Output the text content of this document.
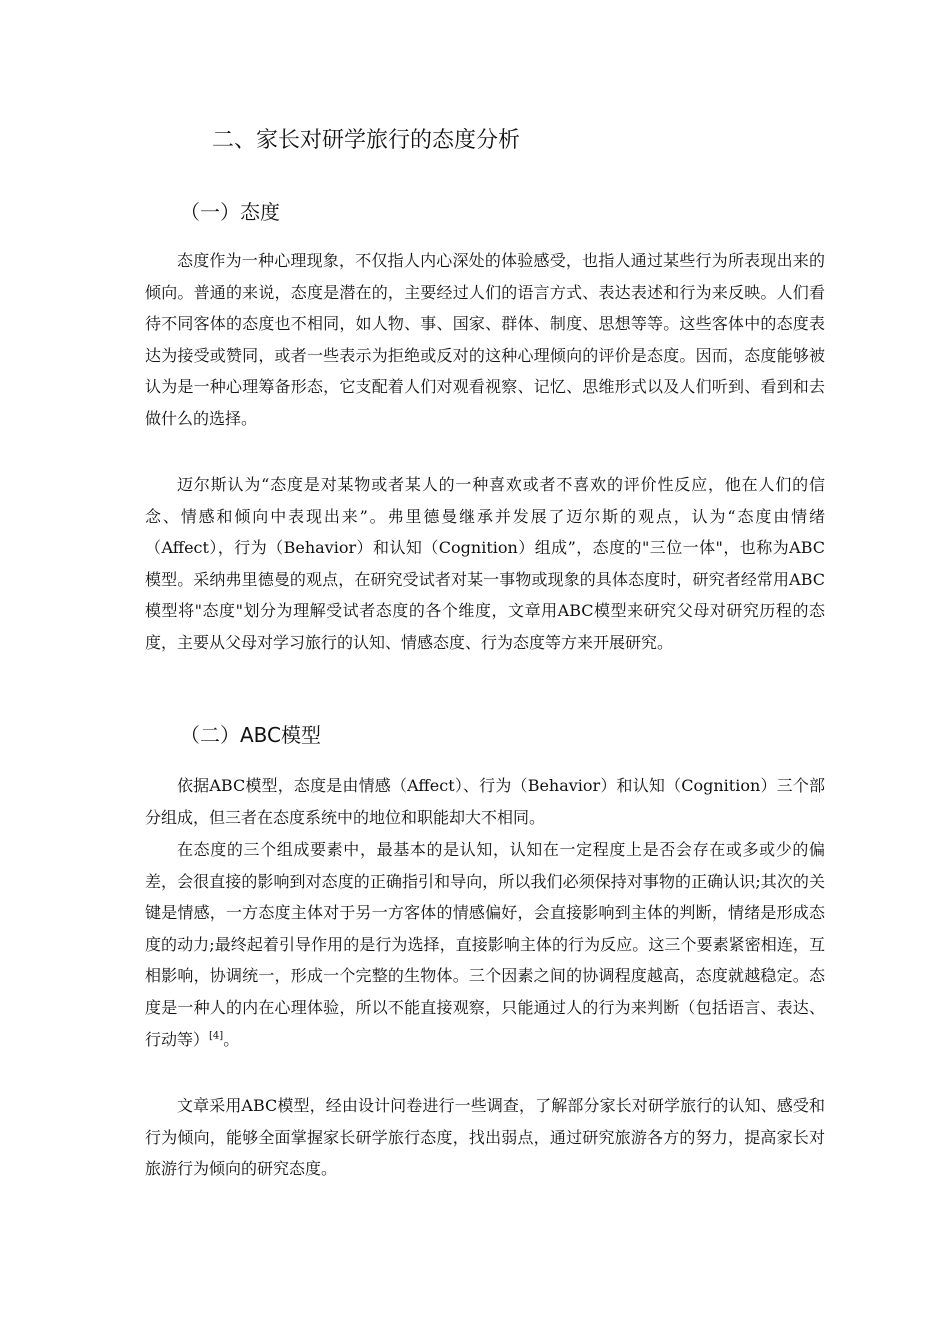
二、家长对研学旅行的态度分析
（一）态度

态度作为一种心理现象，不仅指人内心深处的体验感受，也指人通过某些行为所表现出来的倾向。普通的来说，态度是潜在的，主要经过人们的语言方式、表达表述和行为来反映。人们看待不同客体的态度也不相同，如人物、事、国家、群体、制度、思想等等。这些客体中的态度表达为接受或赞同，或者一些表示为拒绝或反对的这种心理倾向的评价是态度。因而，态度能够被认为是一种心理筹备形态，它支配着人们对观看视察、记忆、思维形式以及人们听到、看到和去做什么的选择。

迈尔斯认为“态度是对某物或者某人的一种喜欢或者不喜欢的评价性反应，他在人们的信念、情感和倾向中表现出来”。弗里德曼继承并发展了迈尔斯的观点，认为“态度由情绪（Affect），行为（Behavior）和认知（Cognition）组成”，态度的"三位一体"，也称为ABC模型。采纳弗里德曼的观点，在研究受试者对某一事物或现象的具体态度时，研究者经常用ABC模型将"态度"划分为理解受试者态度的各个维度，文章用ABC模型来研究父母对研究历程的态度，主要从父母对学习旅行的认知、情感态度、行为态度等方来开展研究。

（二）ABC模型

依据ABC模型，态度是由情感（Affect）、行为（Behavior）和认知（Cognition）三个部分组成，但三者在态度系统中的地位和职能却大不相同。

在态度的三个组成要素中，最基本的是认知，认知在一定程度上是否会存在或多或少的偏差，会很直接的影响到对态度的正确指引和导向，所以我们必须保持对事物的正确认识;其次的关键是情感，一方态度主体对于另一方客体的情感偏好，会直接影响到主体的判断，情绪是形成态度的动力;最终起着引导作用的是行为选择，直接影响主体的行为反应。这三个要素紧密相连，互相影响，协调统一，形成一个完整的生物体。三个因素之间的协调程度越高，态度就越稳定。态度是一种人的内在心理体验，所以不能直接观察，只能通过人的行为来判断（包括语言、表达、行动等）[4]。

文章采用ABC模型，经由设计问卷进行一些调查，了解部分家长对研学旅行的认知、感受和行为倾向，能够全面掌握家长研学旅行态度，找出弱点，通过研究旅游各方的努力，提高家长对旅游行为倾向的研究态度。
